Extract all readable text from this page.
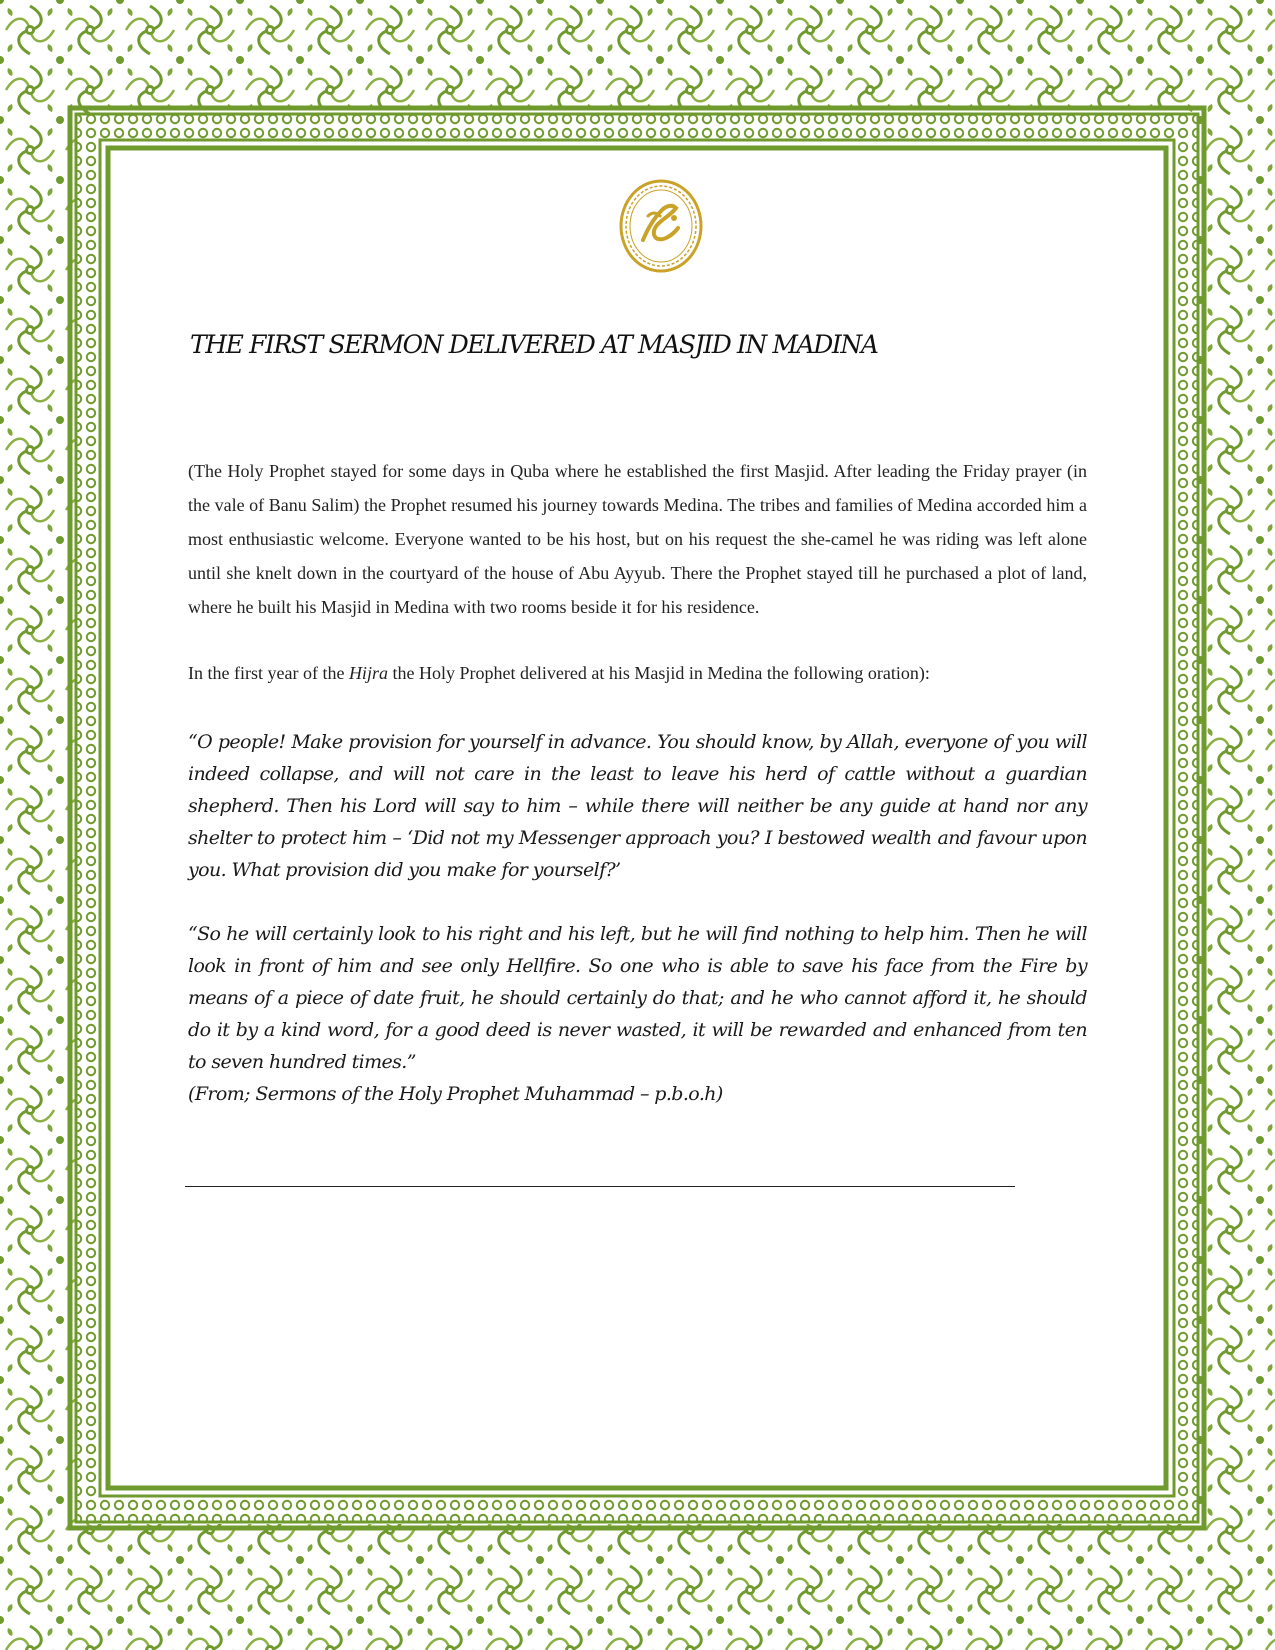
THE FIRST SERMON DELIVERED AT MASJID IN MADINA

(The Holy Prophet stayed for some days in Quba where he established the first Masjid. After leading the Friday prayer (in the vale of Banu Salim) the Prophet resumed his journey towards Medina. The tribes and families of Medina accorded him a most enthusiastic welcome. Everyone wanted to be his host, but on his request the she-camel he was riding was left alone until she knelt down in the courtyard of the house of Abu Ayyub. There the Prophet stayed till he purchased a plot of land, where he built his Masjid in Medina with two rooms beside it for his residence.

In the first year of the Hijra the Holy Prophet delivered at his Masjid in Medina the following oration):

“O people! Make provision for yourself in advance. You should know, by Allah, everyone of you will indeed collapse, and will not care in the least to leave his herd of cattle without a guardian shepherd. Then his Lord will say to him – while there will neither be any guide at hand nor any shelter to protect him – ‘Did not my Messenger approach you? I bestowed wealth and favour upon you. What provision did you make for yourself?’

“So he will certainly look to his right and his left, but he will find nothing to help him. Then he will look in front of him and see only Hellfire. So one who is able to save his face from the Fire by means of a piece of date fruit, he should certainly do that; and he who cannot afford it, he should do it by a kind word, for a good deed is never wasted, it will be rewarded and enhanced from ten to seven hundred times.”

(From; Sermons of the Holy Prophet Muhammad – p.b.o.h)
